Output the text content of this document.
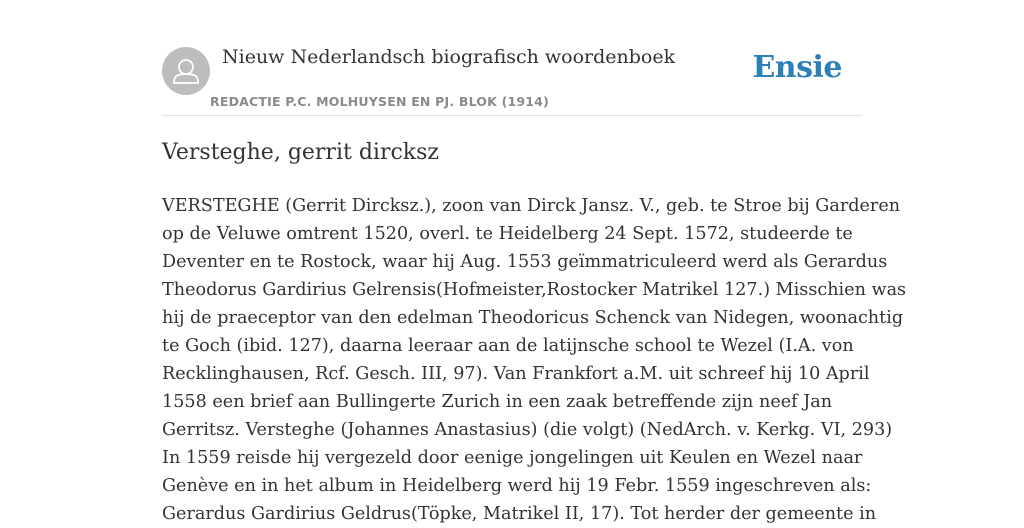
Nieuw Nederlandsch biografisch woordenboek
REDACTIE P.C. MOLHUYSEN EN PJ. BLOK (1914)
Ensie
Versteghe, gerrit dircksz
VERSTEGHE (Gerrit Dircksz.), zoon van Dirck Jansz. V., geb. te Stroe bij Garderen
op de Veluwe omtrent 1520, overl. te Heidelberg 24 Sept. 1572, studeerde te
Deventer en te Rostock, waar hij Aug. 1553 geïmmatriculeerd werd als Gerardus
Theodorus Gardirius Gelrensis(Hofmeister,Rostocker Matrikel 127.) Misschien was
hij de praeceptor van den edelman Theodoricus Schenck van Nidegen, woonachtig
te Goch (ibid. 127), daarna leeraar aan de latijnsche school te Wezel (I.A. von
Recklinghausen, Rcf. Gesch. III, 97). Van Frankfort a.M. uit schreef hij 10 April
1558 een brief aan Bullingerte Zurich in een zaak betreffende zijn neef Jan
Gerritsz. Versteghe (Johannes Anastasius) (die volgt) (NedArch. v. Kerkg. VI, 293)
In 1559 reisde hij vergezeld door eenige jongelingen uit Keulen en Wezel naar
Genève en in het album in Heidelberg werd hij 19 Febr. 1559 ingeschreven als:
Gerardus Gardirius Geldrus(Töpke, Matrikel II, 17). Tot herder der gemeente in
